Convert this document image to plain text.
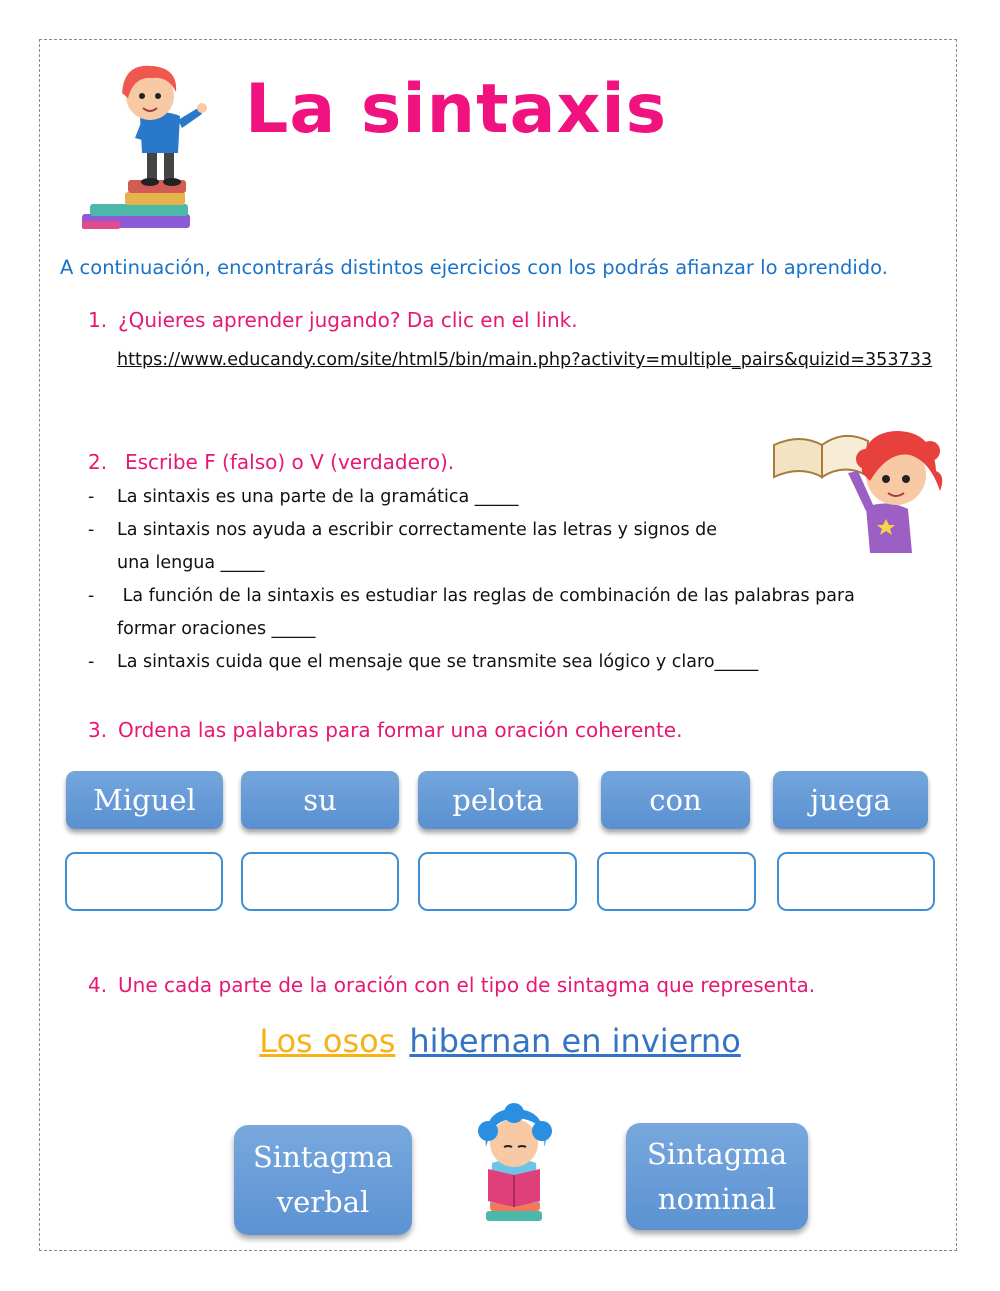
La sintaxis

A continuación, encontrarás distintos ejercicios con los podrás afianzar lo aprendido.

1. ¿Quieres aprender jugando? Da clic en el link.

https://www.educandy.com/site/html5/bin/main.php?activity=multiple_pairs&quizid=353733

2. Escribe F (falso) o V (verdadero).

- La sintaxis es una parte de la gramática _____

- La sintaxis nos ayuda a escribir correctamente las letras y signos de
una lengua _____

- La función de la sintaxis es estudiar las reglas de combinación de las palabras para
formar oraciones _____

- La sintaxis cuida que el mensaje que se transmite sea lógico y claro_____

3. Ordena las palabras para formar una oración coherente.

Miguel	su	pelota	con	juega

4. Une cada parte de la oración con el tipo de sintagma que representa.

Los osos hibernan en invierno

Sintagma
verbal
Sintagma
nominal
